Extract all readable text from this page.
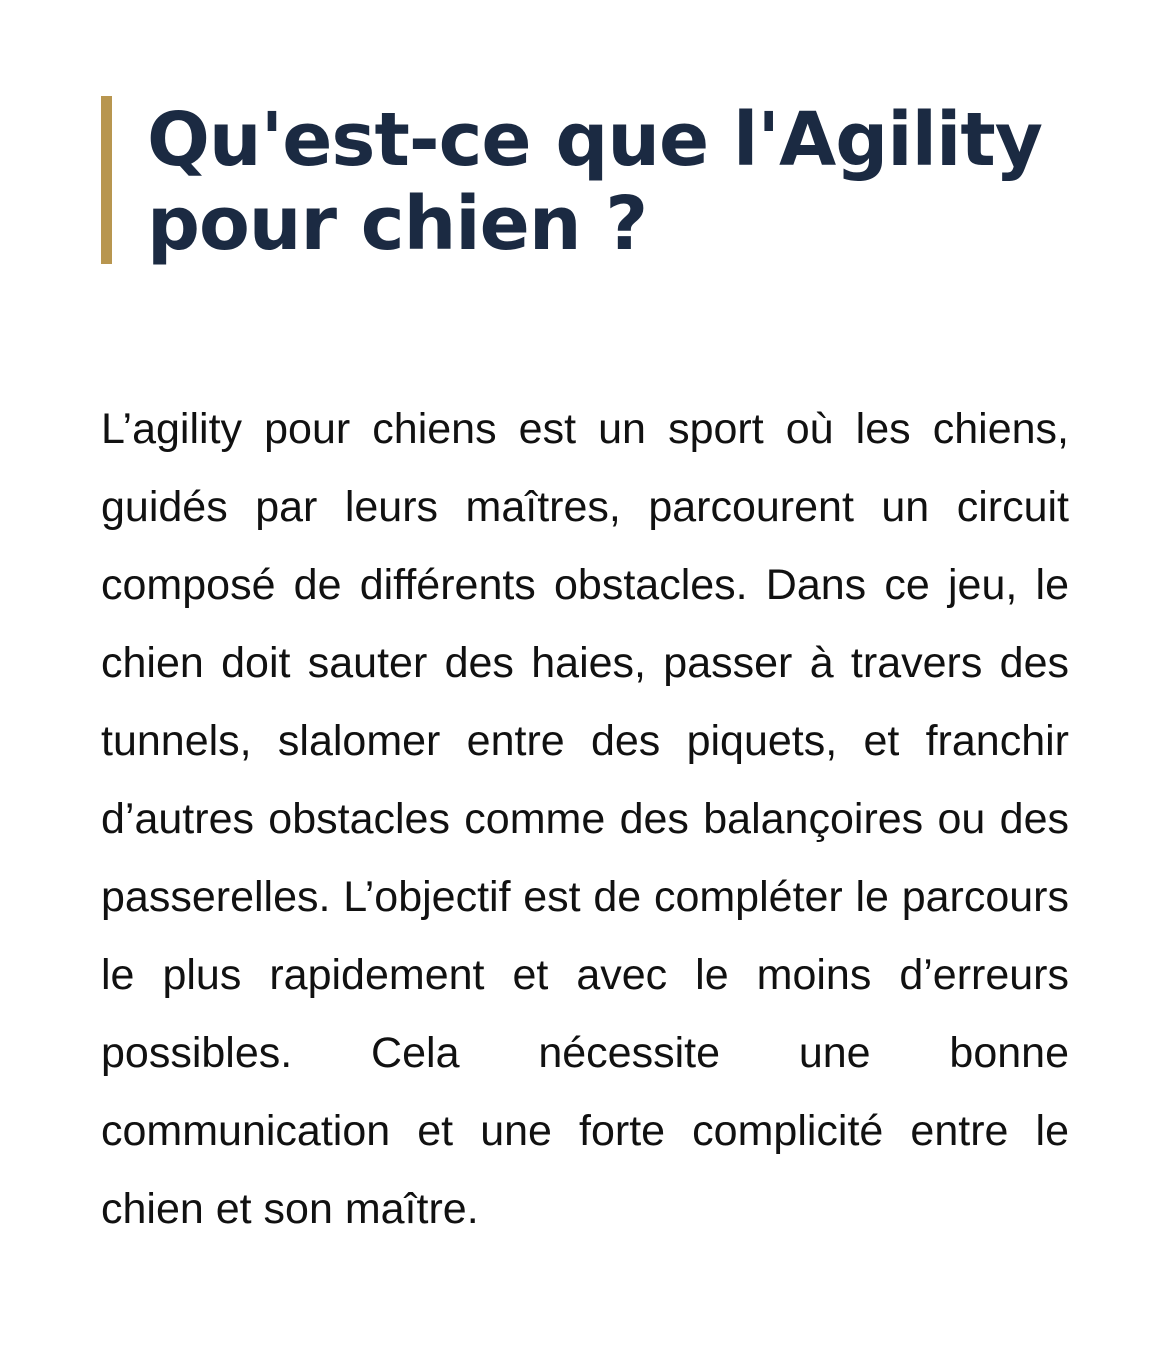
Qu'est-ce que l'Agility pour chien ?

L’agility pour chiens est un sport où les chiens, guidés par leurs maîtres, parcourent un circuit composé de différents obstacles. Dans ce jeu, le chien doit sauter des haies, passer à travers des tunnels, slalomer entre des piquets, et franchir d’autres obstacles comme des balançoires ou des passerelles. L’objectif est de compléter le parcours le plus rapidement et avec le moins d’erreurs possibles. Cela nécessite une bonne communication et une forte complicité entre le chien et son maître.
